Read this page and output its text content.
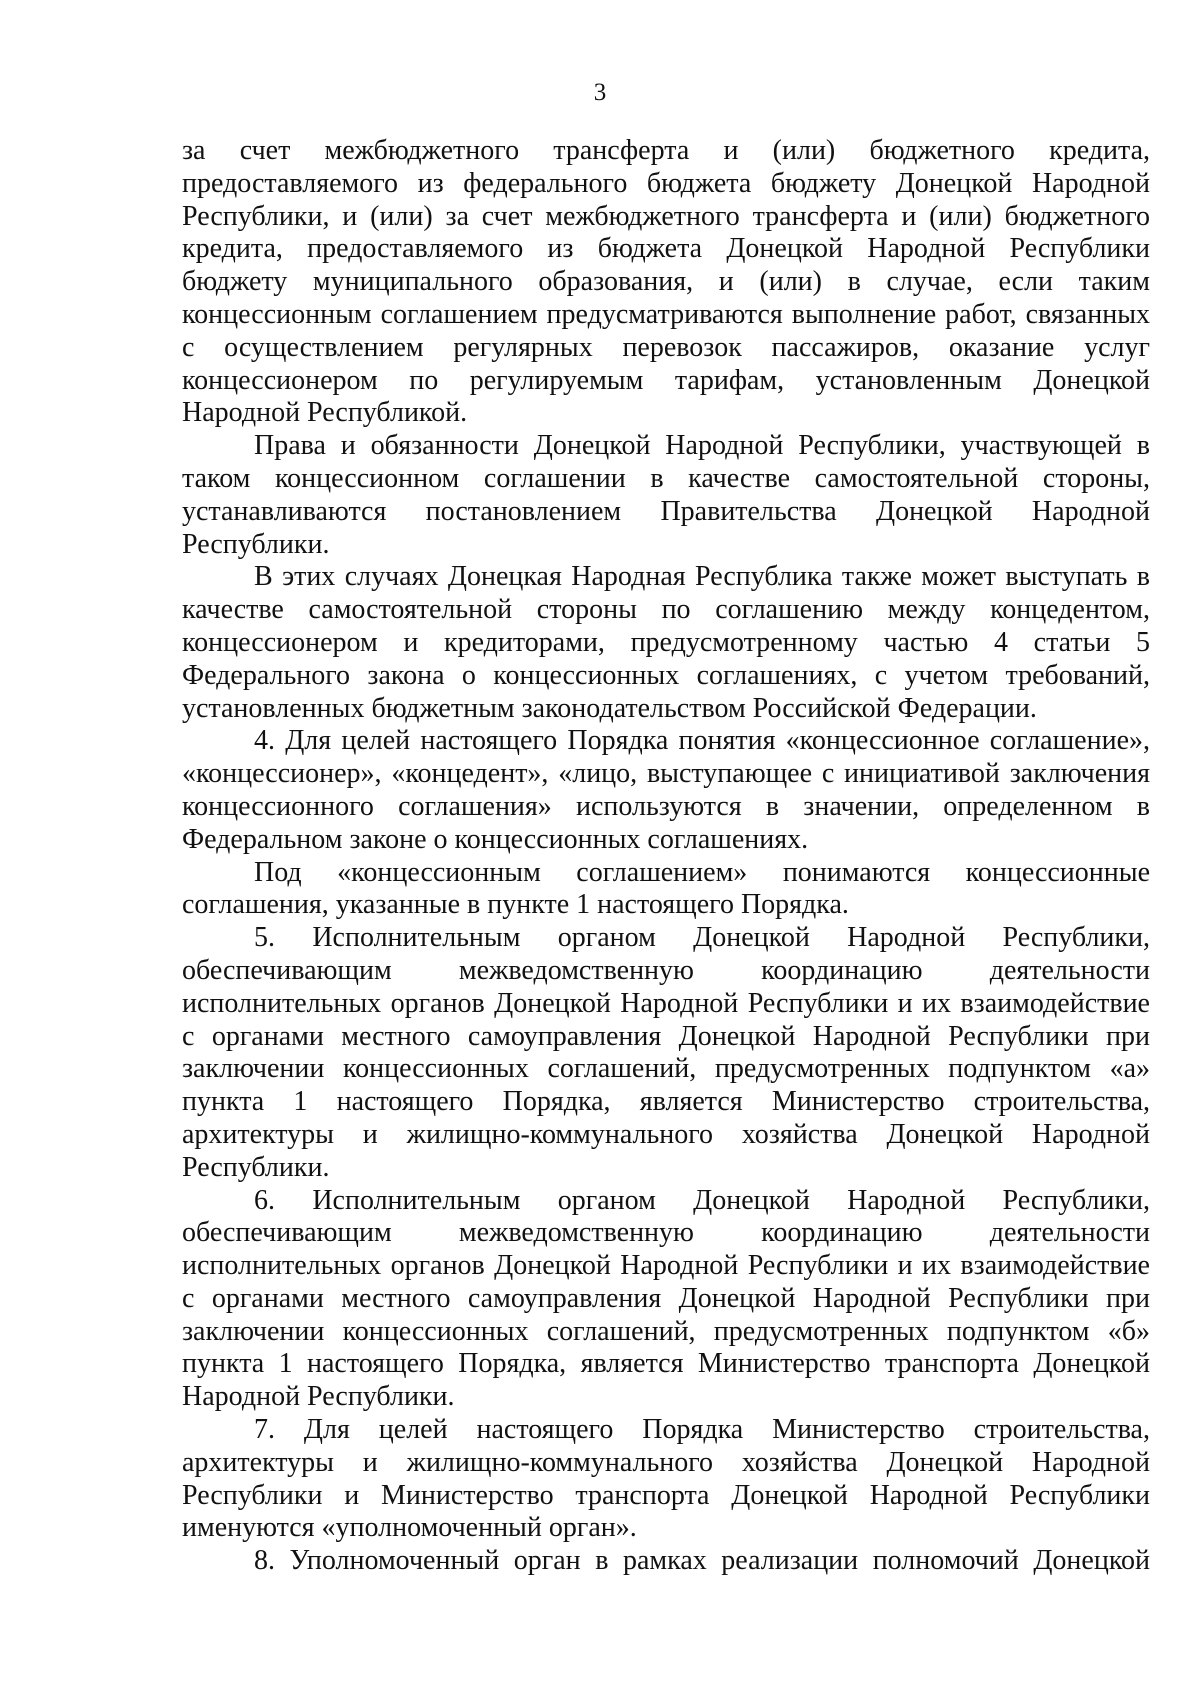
3

за счет межбюджетного трансферта и (или) бюджетного кредита, предоставляемого из федерального бюджета бюджету Донецкой Народной Республики, и (или) за счет межбюджетного трансферта и (или) бюджетного кредита, предоставляемого из бюджета Донецкой Народной Республики бюджету муниципального образования, и (или) в случае, если таким концессионным соглашением предусматриваются выполнение работ, связанных с осуществлением регулярных перевозок пассажиров, оказание услуг концессионером по регулируемым тарифам, установленным Донецкой Народной Республикой.

Права и обязанности Донецкой Народной Республики, участвующей в таком концессионном соглашении в качестве самостоятельной стороны, устанавливаются постановлением Правительства Донецкой Народной Республики.

В этих случаях Донецкая Народная Республика также может выступать в качестве самостоятельной стороны по соглашению между концедентом, концессионером и кредиторами, предусмотренному частью 4 статьи 5 Федерального закона о концессионных соглашениях, с учетом требований, установленных бюджетным законодательством Российской Федерации.

4. Для целей настоящего Порядка понятия «концессионное соглашение», «концессионер», «концедент», «лицо, выступающее с инициативой заключения концессионного соглашения» используются в значении, определенном в Федеральном законе о концессионных соглашениях.

Под «концессионным соглашением» понимаются концессионные соглашения, указанные в пункте 1 настоящего Порядка.

5. Исполнительным органом Донецкой Народной Республики, обеспечивающим межведомственную координацию деятельности исполнительных органов Донецкой Народной Республики и их взаимодействие с органами местного самоуправления Донецкой Народной Республики при заключении концессионных соглашений, предусмотренных подпунктом «а» пункта 1 настоящего Порядка, является Министерство строительства, архитектуры и жилищно-коммунального хозяйства Донецкой Народной Республики.

6. Исполнительным органом Донецкой Народной Республики, обеспечивающим межведомственную координацию деятельности исполнительных органов Донецкой Народной Республики и их взаимодействие с органами местного самоуправления Донецкой Народной Республики при заключении концессионных соглашений, предусмотренных подпунктом «б» пункта 1 настоящего Порядка, является Министерство транспорта Донецкой Народной Республики.

7. Для целей настоящего Порядка Министерство строительства, архитектуры и жилищно-коммунального хозяйства Донецкой Народной Республики и Министерство транспорта Донецкой Народной Республики именуются «уполномоченный орган».

8. Уполномоченный орган в рамках реализации полномочий Донецкой
